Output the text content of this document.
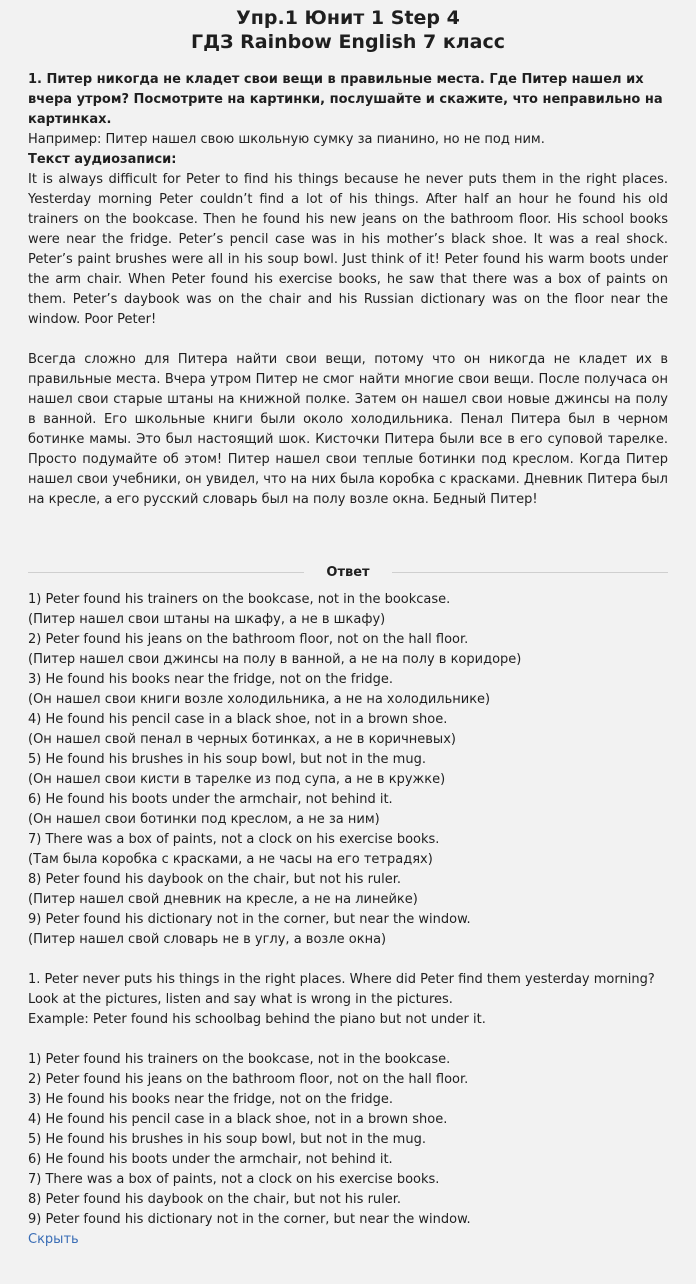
Упр.1 Юнит 1 Step 4
ГДЗ Rainbow English 7 класс

1. Питер никогда не кладет свои вещи в правильные места. Где Питер нашел их вчера утром? Посмотрите на картинки, послушайте и скажите, что неправильно на картинках.

Например: Питер нашел свою школьную сумку за пианино, но не под ним.

Текст аудиозаписи:

It is always difficult for Peter to find his things because he never puts them in the right places. Yesterday morning Peter couldn’t find a lot of his things. After half an hour he found his old trainers on the bookcase. Then he found his new jeans on the bathroom floor. His school books were near the fridge. Peter’s pencil case was in his mother’s black shoe. It was a real shock. Peter’s paint brushes were all in his soup bowl. Just think of it! Peter found his warm boots under the arm chair. When Peter found his exercise books, he saw that there was a box of paints on them. Peter’s daybook was on the chair and his Russian dictionary was on the floor near the window. Poor Peter!

Всегда сложно для Питера найти свои вещи, потому что он никогда не кладет их в правильные места. Вчера утром Питер не смог найти многие свои вещи. После получаса он нашел свои старые штаны на книжной полке. Затем он нашел свои новые джинсы на полу в ванной. Его школьные книги были около холодильника. Пенал Питера был в черном ботинке мамы. Это был настоящий шок. Кисточки Питера были все в его суповой тарелке. Просто подумайте об этом! Питер нашел свои теплые ботинки под креслом. Когда Питер нашел свои учебники, он увидел, что на них была коробка с красками. Дневник Питера был на кресле, а его русский словарь был на полу возле окна. Бедный Питер!

Ответ
1) Peter found his trainers on the bookcase, not in the bookcase.
(Питер нашел свои штаны на шкафу, а не в шкафу)
2) Peter found his jeans on the bathroom floor, not on the hall floor.
(Питер нашел свои джинсы на полу в ванной, а не на полу в коридоре)
3) He found his books near the fridge, not on the fridge.
(Он нашел свои книги возле холодильника, а не на холодильнике)
4) He found his pencil case in a black shoe, not in a brown shoe.
(Он нашел свой пенал в черных ботинках, а не в коричневых)
5) He found his brushes in his soup bowl, but not in the mug.
(Он нашел свои кисти в тарелке из под супа, а не в кружке)
6) He found his boots under the armchair, not behind it.
(Он нашел свои ботинки под креслом, а не за ним)
7) There was a box of paints, not a clock on his exercise books.
(Там была коробка с красками, а не часы на его тетрадях)
8) Peter found his daybook on the chair, but not his ruler.
(Питер нашел свой дневник на кресле, а не на линейке)
9) Peter found his dictionary not in the corner, but near the window.
(Питер нашел свой словарь не в углу, а возле окна)

1. Peter never puts his things in the right places. Where did Peter find them yesterday morning? Look at the pictures, listen and say what is wrong in the pictures.

Example: Peter found his schoolbag behind the piano but not under it.

1) Peter found his trainers on the bookcase, not in the bookcase.
2) Peter found his jeans on the bathroom floor, not on the hall floor.
3) He found his books near the fridge, not on the fridge.
4) He found his pencil case in a black shoe, not in a brown shoe.
5) He found his brushes in his soup bowl, but not in the mug.
6) He found his boots under the armchair, not behind it.
7) There was a box of paints, not a clock on his exercise books.
8) Peter found his daybook on the chair, but not his ruler.
9) Peter found his dictionary not in the corner, but near the window.
Скрыть
